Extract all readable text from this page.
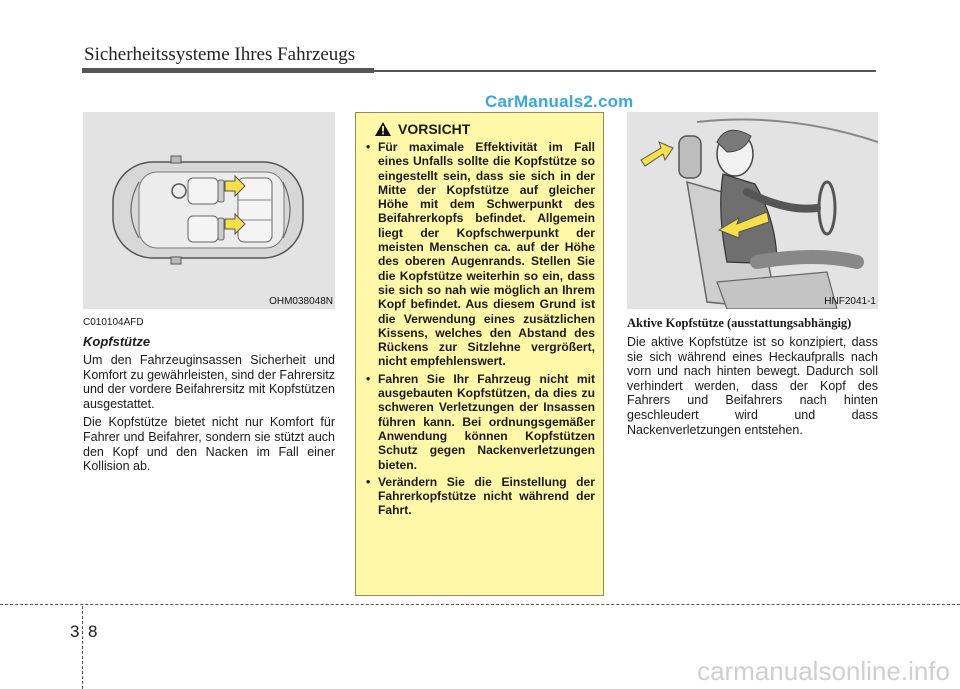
Sicherheitssysteme Ihres Fahrzeugs
CarManuals2.com
OHM038048N
C010104AFD
Kopfstütze

Um den Fahrzeuginsassen Sicherheit und Komfort zu gewährleisten, sind der Fahrersitz und der vordere Beifahrersitz mit Kopfstützen ausgestattet.

Die Kopfstütze bietet nicht nur Komfort für Fahrer und Beifahrer, sondern sie stützt auch den Kopf und den Nacken im Fall einer Kollision ab.

VORSICHT
• Für maximale Effektivität im Fall eines Unfalls sollte die Kopfstütze so eingestellt sein, dass sie sich in der Mitte der Kopfstütze auf gleicher Höhe mit dem Schwerpunkt des Beifahrerkopfs befindet. Allgemein liegt der Kopfschwerpunkt der meisten Menschen ca. auf der Höhe des oberen Augenrands. Stellen Sie die Kopfstütze weiterhin so ein, dass sie sich so nah wie möglich an Ihrem Kopf befindet. Aus diesem Grund ist die Verwendung eines zusätzlichen Kissens, welches den Abstand des Rückens zur Sitzlehne vergrößert, nicht empfehlenswert.
• Fahren Sie Ihr Fahrzeug nicht mit ausgebauten Kopfstützen, da dies zu schweren Verletzungen der Insassen führen kann. Bei ordnungsgemäßer Anwendung können Kopfstützen Schutz gegen Nackenverletzungen bieten.
• Verändern Sie die Einstellung der Fahrerkopfstütze nicht während der Fahrt.
HNF2041-1
Aktive Kopfstütze (ausstattungsabhängig)

Die aktive Kopfstütze ist so konzipiert, dass sie sich während eines Heckaufpralls nach vorn und nach hinten bewegt. Dadurch soll verhindert werden, dass der Kopf des Fahrers und Beifahrers nach hinten geschleudert wird und dass Nackenverletzungen entstehen.

3 8
carmanualsonline.info
